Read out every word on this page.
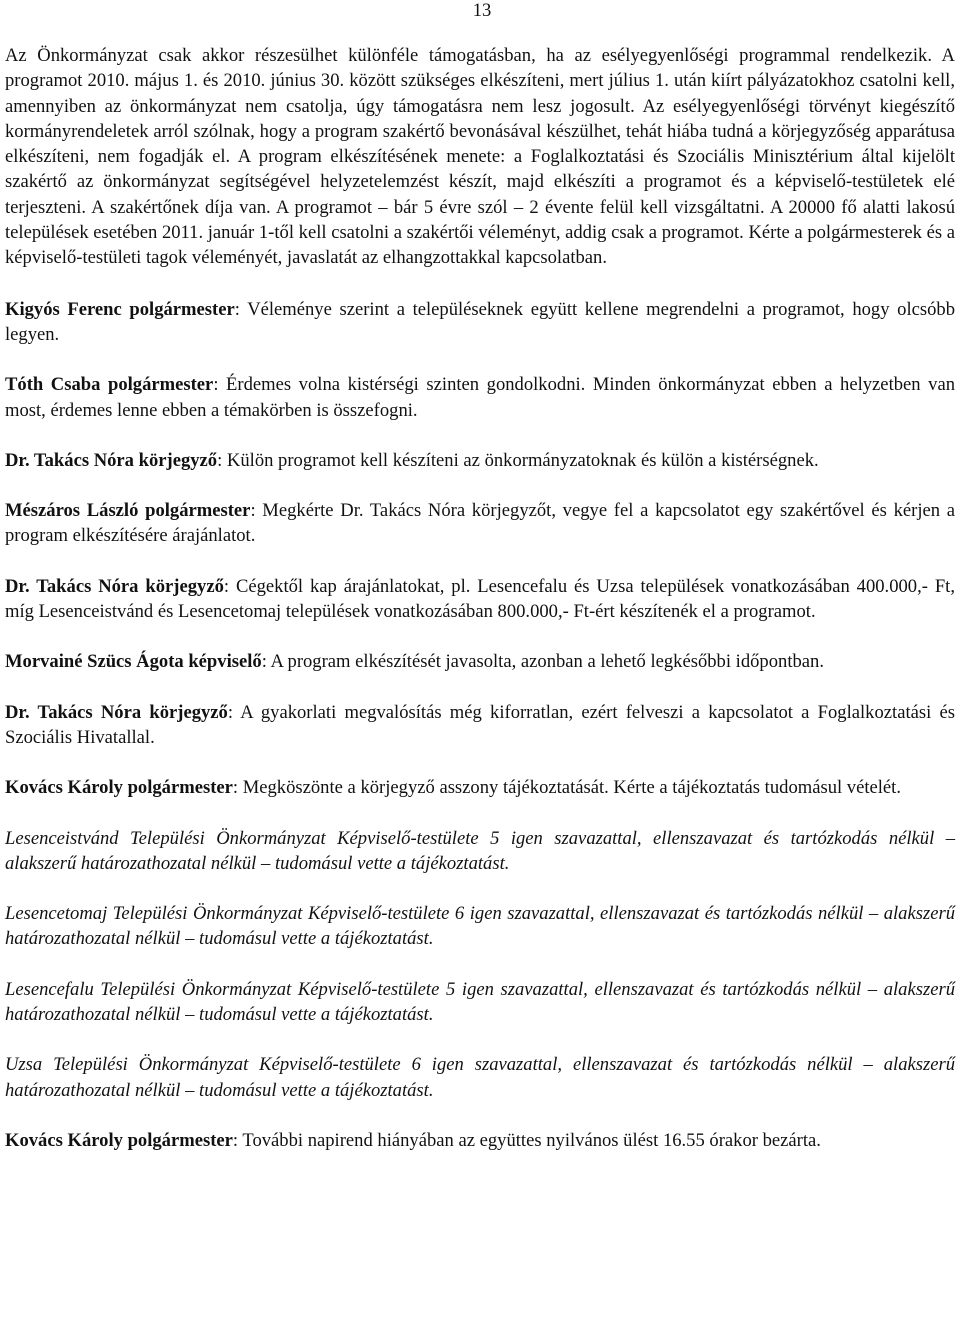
13

Az Önkormányzat csak akkor részesülhet különféle támogatásban, ha az esélyegyenlőségi programmal rendelkezik. A programot 2010. május 1. és 2010. június 30. között szükséges elkészíteni, mert július 1. után kiírt pályázatokhoz csatolni kell, amennyiben az önkormányzat nem csatolja, úgy támogatásra nem lesz jogosult. Az esélyegyenlőségi törvényt kiegészítő kormányrendeletek arról szólnak, hogy a program szakértő bevonásával készülhet, tehát hiába tudná a körjegyzőség apparátusa elkészíteni, nem fogadják el. A program elkészítésének menete: a Foglalkoztatási és Szociális Minisztérium által kijelölt szakértő az önkormányzat segítségével helyzetelemzést készít, majd elkészíti a programot és a képviselő-testületek elé terjeszteni. A szakértőnek díja van. A programot – bár 5 évre szól – 2 évente felül kell vizsgáltatni. A 20000 fő alatti lakosú települések esetében 2011. január 1-től kell csatolni a szakértői véleményt, addig csak a programot. Kérte a polgármesterek és a képviselő-testületi tagok véleményét, javaslatát az elhangzottakkal kapcsolatban.

Kigyós Ferenc polgármester: Véleménye szerint a településeknek együtt kellene megrendelni a programot, hogy olcsóbb legyen.

Tóth Csaba polgármester: Érdemes volna kistérségi szinten gondolkodni. Minden önkormányzat ebben a helyzetben van most, érdemes lenne ebben a témakörben is összefogni.

Dr. Takács Nóra körjegyző: Külön programot kell készíteni az önkormányzatoknak és külön a kistérségnek.

Mészáros László polgármester: Megkérte Dr. Takács Nóra körjegyzőt, vegye fel a kapcsolatot egy szakértővel és kérjen a program elkészítésére árajánlatot.

Dr. Takács Nóra körjegyző: Cégektől kap árajánlatokat, pl. Lesencefalu és Uzsa települések vonatkozásában 400.000,- Ft, míg Lesenceistvánd és Lesencetomaj települések vonatkozásában 800.000,- Ft-ért készítenék el a programot.

Morvainé Szücs Ágota képviselő: A program elkészítését javasolta, azonban a lehető legkésőbbi időpontban.

Dr. Takács Nóra körjegyző: A gyakorlati megvalósítás még kiforratlan, ezért felveszi a kapcsolatot a Foglalkoztatási és Szociális Hivatallal.

Kovács Károly polgármester: Megköszönte a körjegyző asszony tájékoztatását. Kérte a tájékoztatás tudomásul vételét.

Lesenceistvánd Települési Önkormányzat Képviselő-testülete 5 igen szavazattal, ellenszavazat és tartózkodás nélkül – alakszerű határozathozatal nélkül – tudomásul vette a tájékoztatást.

Lesencetomaj Települési Önkormányzat Képviselő-testülete 6 igen szavazattal, ellenszavazat és tartózkodás nélkül – alakszerű határozathozatal nélkül – tudomásul vette a tájékoztatást.

Lesencefalu Települési Önkormányzat Képviselő-testülete 5 igen szavazattal, ellenszavazat és tartózkodás nélkül – alakszerű határozathozatal nélkül – tudomásul vette a tájékoztatást.

Uzsa Települési Önkormányzat Képviselő-testülete 6 igen szavazattal, ellenszavazat és tartózkodás nélkül – alakszerű határozathozatal nélkül – tudomásul vette a tájékoztatást.

Kovács Károly polgármester: További napirend hiányában az együttes nyilvános ülést 16.55 órakor bezárta.
